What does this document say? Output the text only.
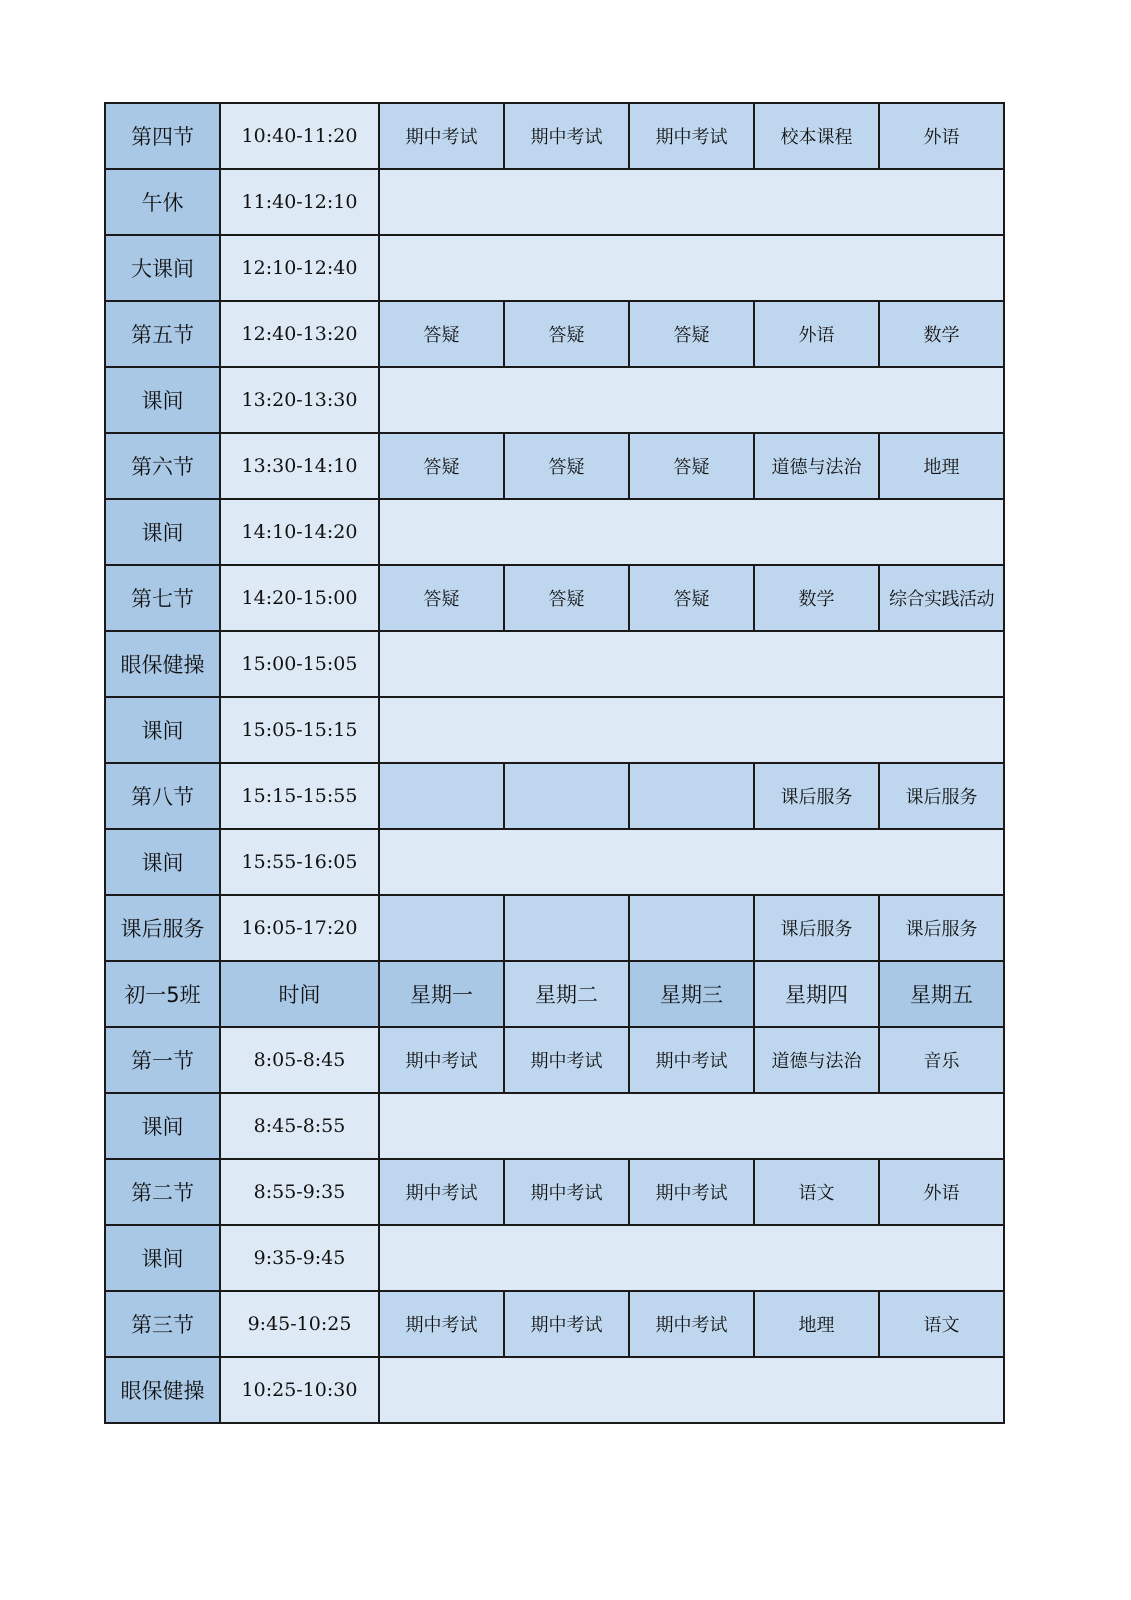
第四节	10:40-11:20	期中考试	期中考试	期中考试	校本课程	外语
午休	11:40-12:10					
大课间	12:10-12:40					
第五节	12:40-13:20	答疑	答疑	答疑	外语	数学
课间	13:20-13:30					
第六节	13:30-14:10	答疑	答疑	答疑	道德与法治	地理
课间	14:10-14:20					
第七节	14:20-15:00	答疑	答疑	答疑	数学	综合实践活动
眼保健操	15:00-15:05					
课间	15:05-15:15					
第八节	15:15-15:55				课后服务	课后服务
课间	15:55-16:05					
课后服务	16:05-17:20				课后服务	课后服务
初一5班	时间	星期一	星期二	星期三	星期四	星期五
第一节	8:05-8:45	期中考试	期中考试	期中考试	道德与法治	音乐
课间	8:45-8:55					
第二节	8:55-9:35	期中考试	期中考试	期中考试	语文	外语
课间	9:35-9:45					
第三节	9:45-10:25	期中考试	期中考试	期中考试	地理	语文
眼保健操	10:25-10:30					
